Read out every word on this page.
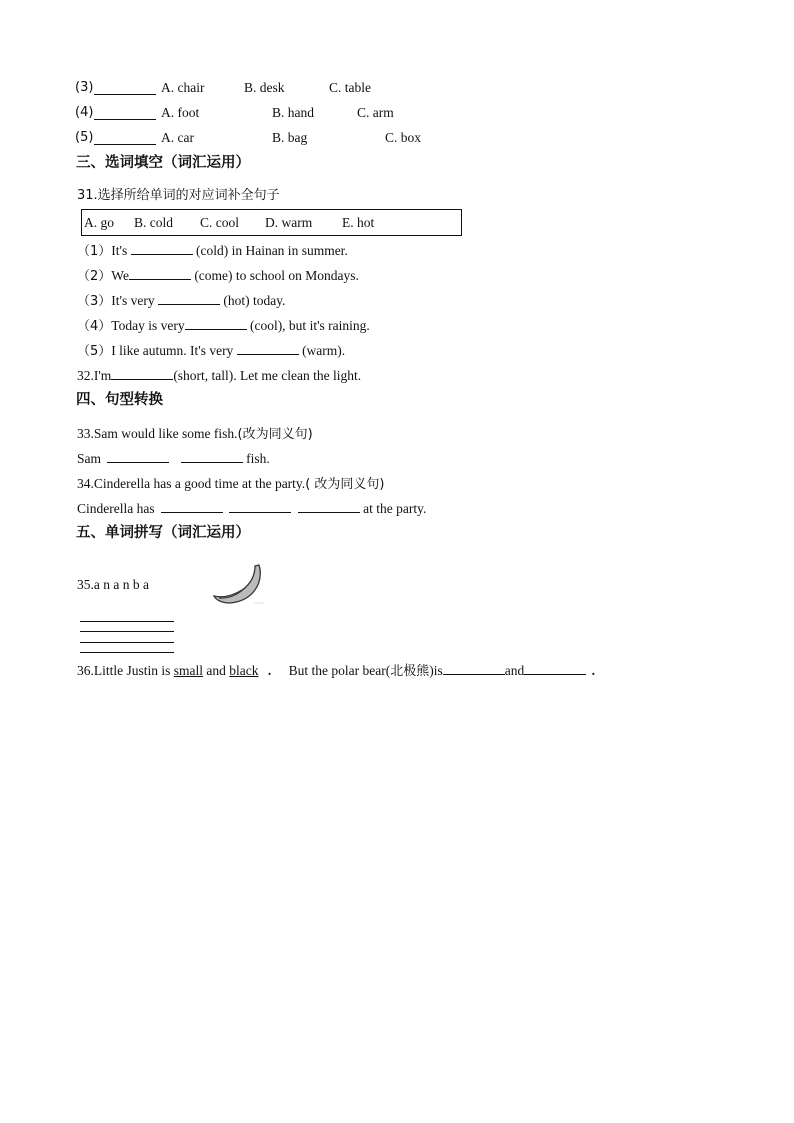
(3)	A. chair	B. desk	C. table
(4)	A. foot	B. hand	C. arm
(5)	A. car	B. bag	C. box
三、选词填空（词汇运用）
31.选择所给单词的对应词补全句子
A. go B. cold C. cool D. warm E. hot
（1）It's	(cold) in Hainan in summer.
（2）We	(come) to school on Mondays.
（3）It's very	(hot) today.
（4）Today is very	(cool), but it's raining.
（5）I like autumn. It's very	(warm).
32.I'm	(short, tall). Let me clean the light.
四、句型转换
33.Sam would like some fish.(改为同义句)
Sam	fish.
34.Cinderella has a good time at the party.( 改为同义句)
Cinderella has	at the party.
五、单词拼写（词汇运用）
35.a n a n b a
36.Little Justin is small and black . But the polar bear(北极熊)is	and	.
